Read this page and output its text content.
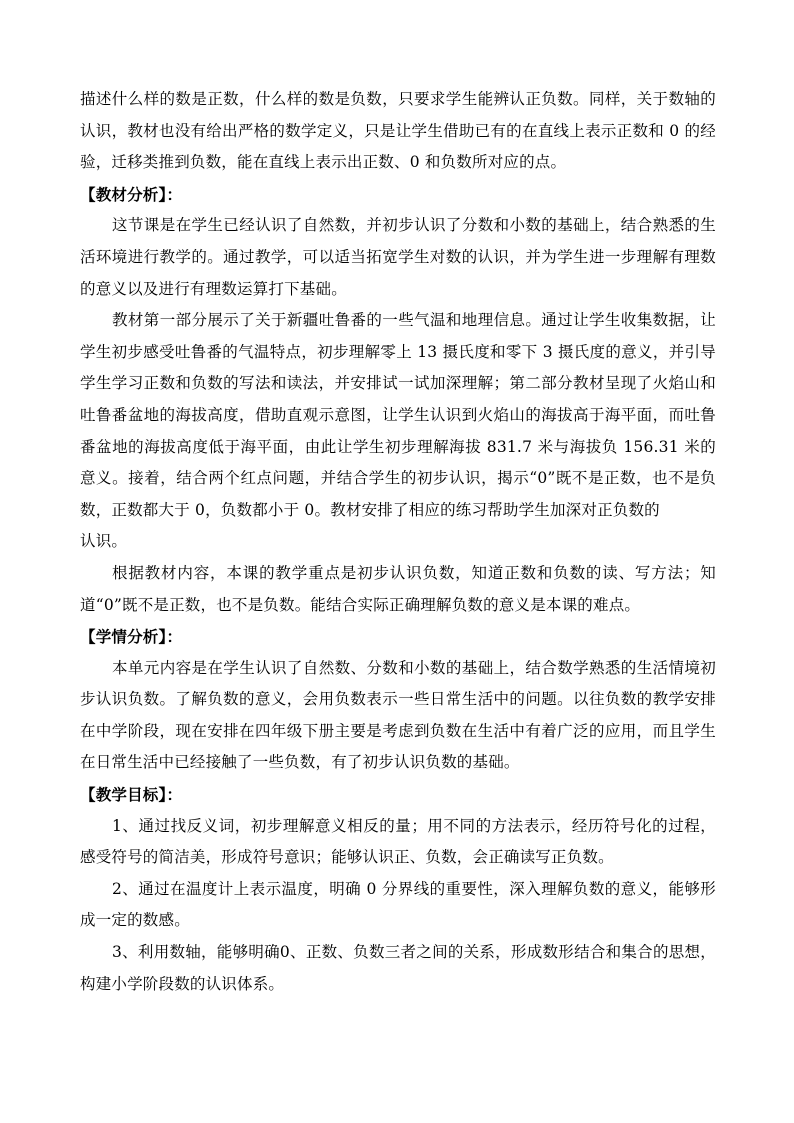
描述什么样的数是正数，什么样的数是负数，只要求学生能辨认正负数。同样，关于数轴的认识，教材也没有给出严格的数学定义，只是让学生借助已有的在直线上表示正数和 0 的经验，迁移类推到负数，能在直线上表示出正数、0 和负数所对应的点。

【教材分析】：

这节课是在学生已经认识了自然数，并初步认识了分数和小数的基础上，结合熟悉的生活环境进行教学的。通过教学，可以适当拓宽学生对数的认识，并为学生进一步理解有理数的意义以及进行有理数运算打下基础。

教材第一部分展示了关于新疆吐鲁番的一些气温和地理信息。通过让学生收集数据，让学生初步感受吐鲁番的气温特点，初步理解零上 13 摄氏度和零下 3 摄氏度的意义，并引导学生学习正数和负数的写法和读法，并安排试一试加深理解；第二部分教材呈现了火焰山和吐鲁番盆地的海拔高度，借助直观示意图，让学生认识到火焰山的海拔高于海平面，而吐鲁番盆地的海拔高度低于海平面，由此让学生初步理解海拔 831.7 米与海拔负 156.31 米的意义。接着，结合两个红点问题，并结合学生的初步认识，揭示“0”既不是正数，也不是负数，正数都大于 0，负数都小于 0。教材安排了相应的练习帮助学生加深对正负数的

认识。

根据教材内容，本课的教学重点是初步认识负数，知道正数和负数的读、写方法；知道“0”既不是正数，也不是负数。能结合实际正确理解负数的意义是本课的难点。

【学情分析】：

本单元内容是在学生认识了自然数、分数和小数的基础上，结合数学熟悉的生活情境初步认识负数。了解负数的意义，会用负数表示一些日常生活中的问题。以往负数的教学安排在中学阶段，现在安排在四年级下册主要是考虑到负数在生活中有着广泛的应用，而且学生在日常生活中已经接触了一些负数，有了初步认识负数的基础。

【教学目标】：

1、通过找反义词，初步理解意义相反的量；用不同的方法表示，经历符号化的过程，感受符号的简洁美，形成符号意识；能够认识正、负数，会正确读写正负数。

2、通过在温度计上表示温度，明确 0 分界线的重要性，深入理解负数的意义，能够形成一定的数感。

3、利用数轴，能够明确0、正数、负数三者之间的关系，形成数形结合和集合的思想，构建小学阶段数的认识体系。
